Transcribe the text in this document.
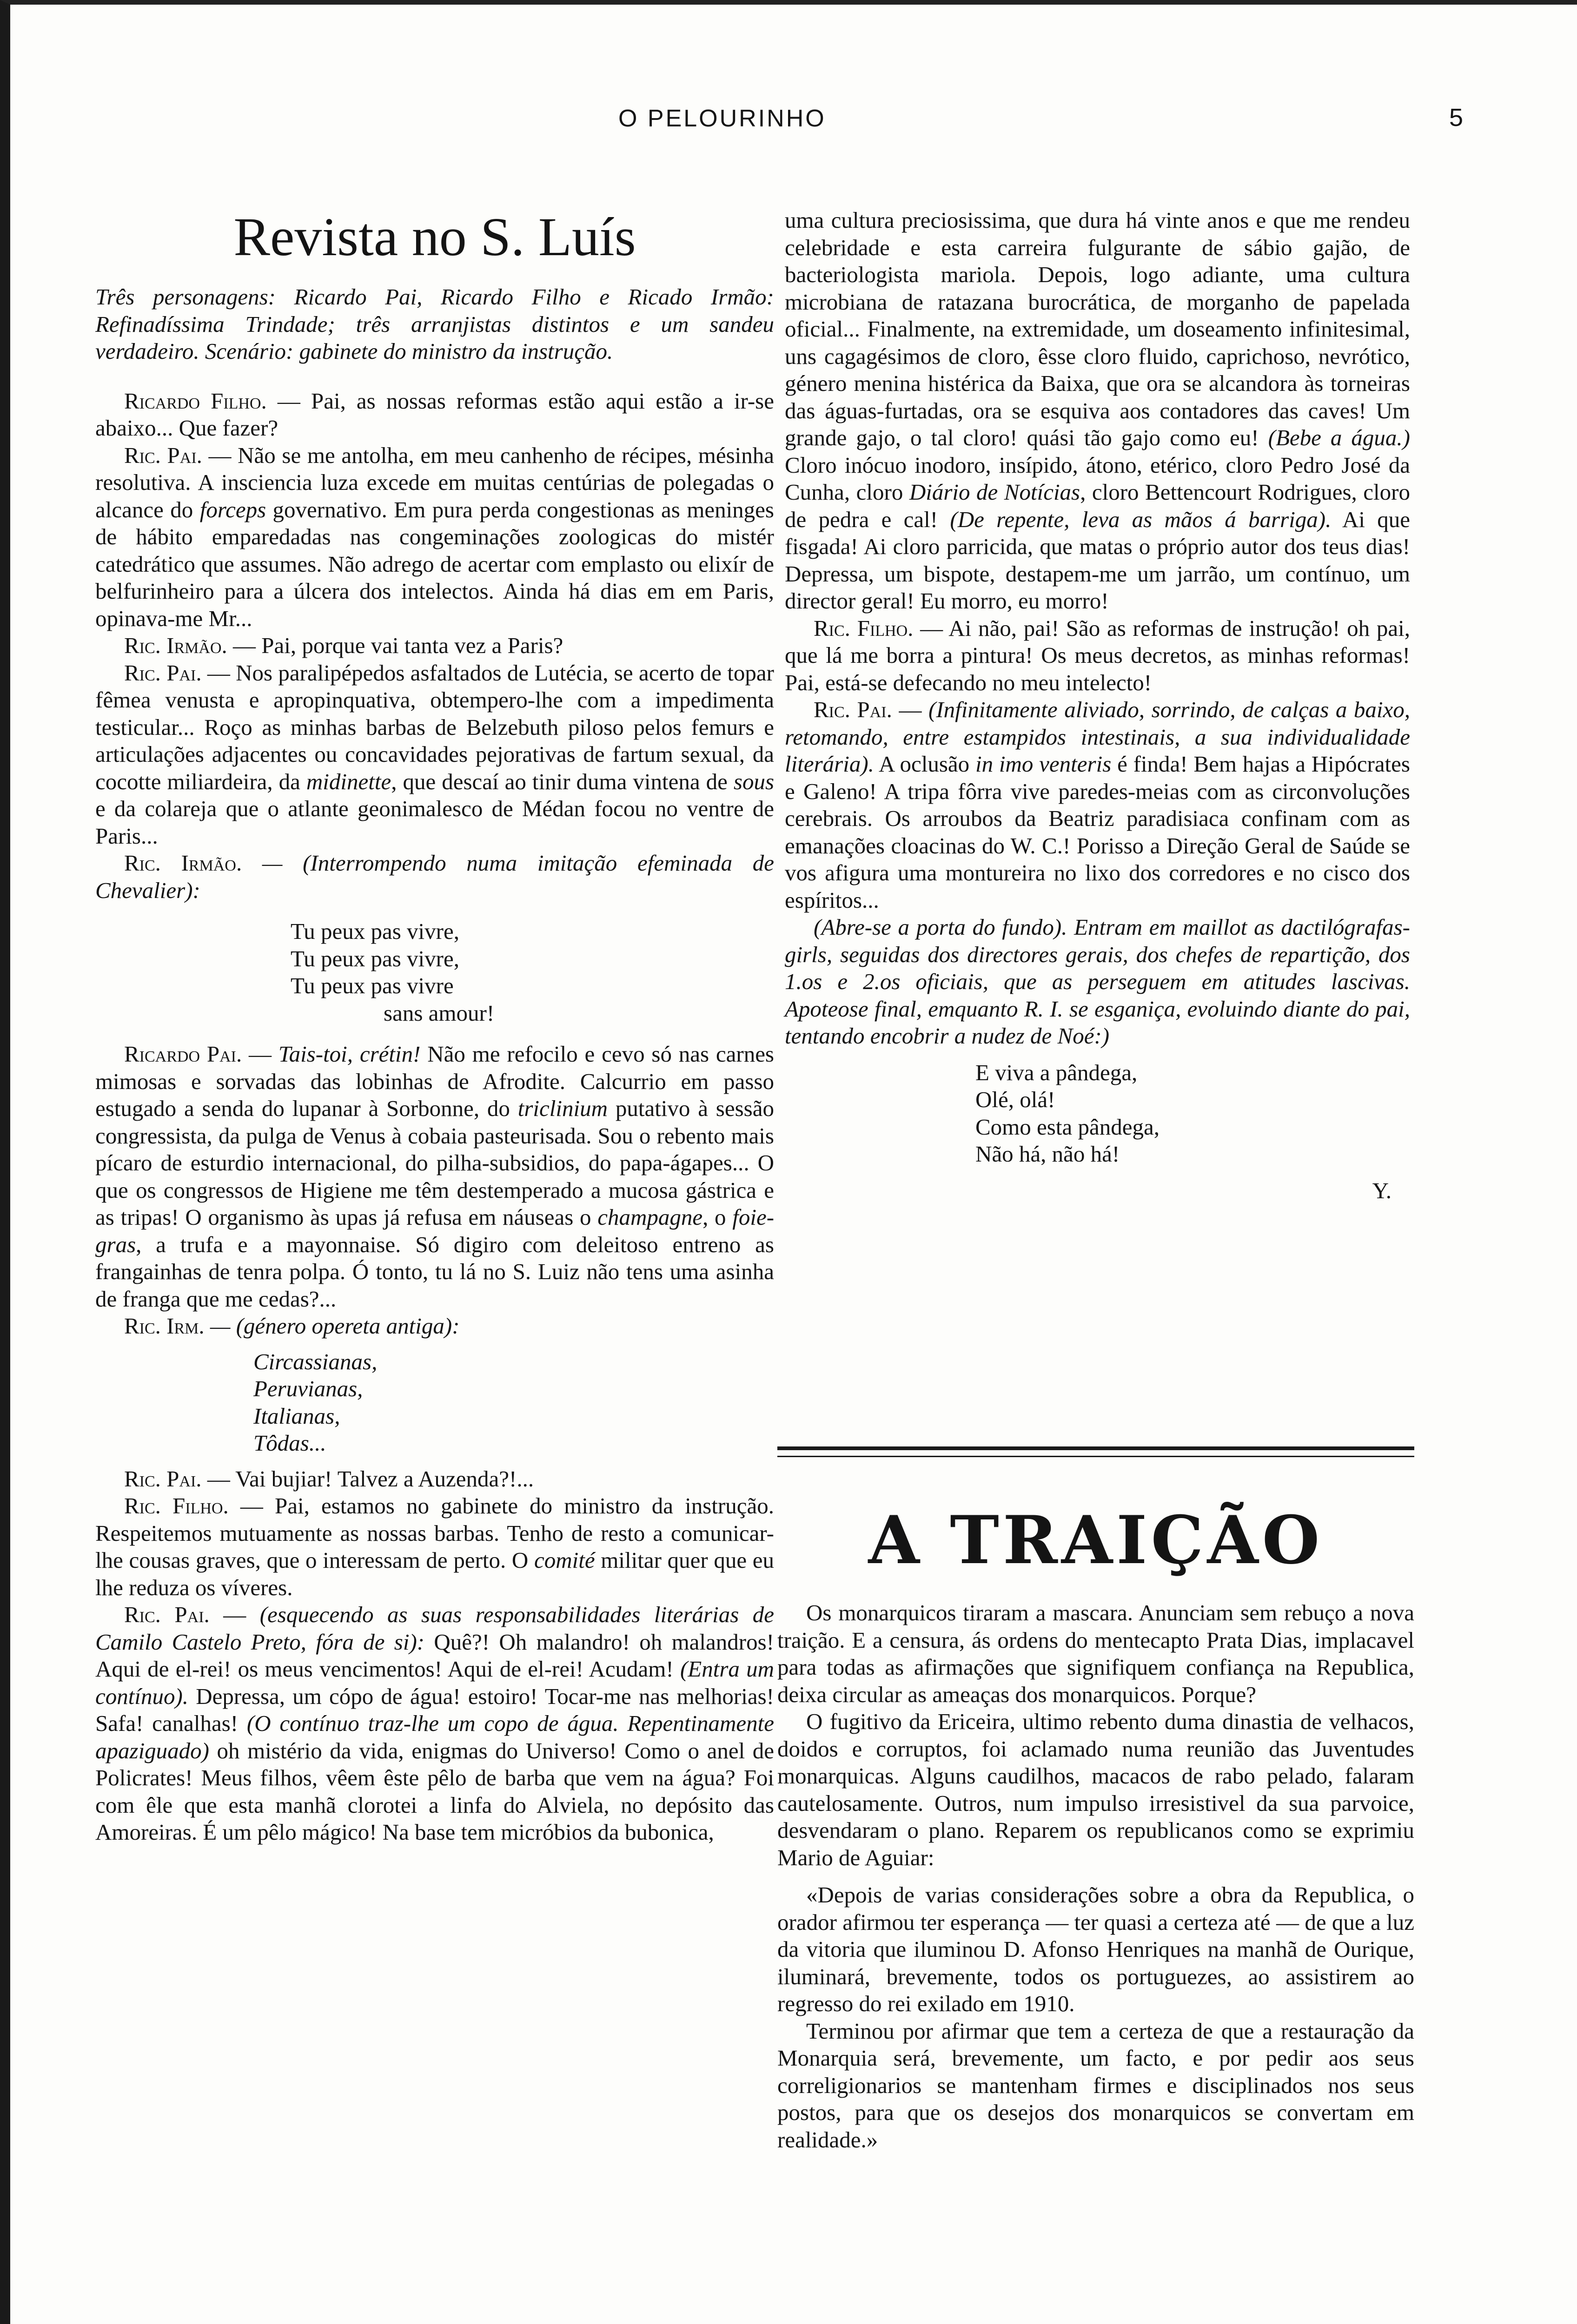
O PELOURINHO	5
Revista no S. Luís

Três personagens: Ricardo Pai, Ricardo Filho e Ricado Irmão: Refinadíssima Trindade; três arranjistas distintos e um sandeu verdadeiro. Scenário: gabinete do ministro da instrução.

Ricardo Filho. — Pai, as nossas reformas estão aqui estão a ir-se abaixo... Que fazer?

Ric. Pai. — Não se me antolha, em meu canhenho de récipes, mésinha resolutiva. A insciencia luza excede em muitas centúrias de polegadas o alcance do forceps governativo. Em pura perda congestionas as meninges de hábito emparedadas nas congeminações zoologicas do mistér catedrático que assumes. Não adrego de acertar com emplasto ou elixír de belfurinheiro para a úlcera dos intelectos. Ainda há dias em em Paris, opinava-me Mr...

Ric. Irmão. — Pai, porque vai tanta vez a Paris?

Ric. Pai. — Nos paralipépedos asfaltados de Lutécia, se acerto de topar fêmea venusta e apropinquativa, obtempero-lhe com a impedimenta testicular... Roço as minhas barbas de Belzebuth piloso pelos femurs e articulações adjacentes ou concavidades pejorativas de fartum sexual, da cocotte miliardeira, da midinette, que descaí ao tinir duma vintena de sous e da colareja que o atlante geonimalesco de Médan focou no ventre de Paris...

Ric. Irmão. — (Interrompendo numa imitação efeminada de Chevalier):

Tu peux pas vivre,
Tu peux pas vivre,
Tu peux pas vivre
sans amour!

Ricardo Pai. — Tais-toi, crétin! Não me refocilo e cevo só nas carnes mimosas e sorvadas das lobinhas de Afrodite. Calcurrio em passo estugado a senda do lupanar à Sorbonne, do triclinium putativo à sessão congressista, da pulga de Venus à cobaia pasteurisada. Sou o rebento mais pícaro de esturdio internacional, do pilha-subsidios, do papa-ágapes... O que os congressos de Higiene me têm destemperado a mucosa gástrica e as tripas! O organismo às upas já refusa em náuseas o champagne, o foie-gras, a trufa e a mayonnaise. Só digiro com deleitoso entreno as frangainhas de tenra polpa. Ó tonto, tu lá no S. Luiz não tens uma asinha de franga que me cedas?...

Ric. Irm. — (género opereta antiga):

Circassianas,
Peruvianas,
Italianas,
Tôdas...

Ric. Pai. — Vai bujiar! Talvez a Auzenda?!...

Ric. Filho. — Pai, estamos no gabinete do ministro da instrução. Respeitemos mutuamente as nossas barbas. Tenho de resto a comunicar-lhe cousas graves, que o interessam de perto. O comité militar quer que eu lhe reduza os víveres.

Ric. Pai. — (esquecendo as suas responsabilidades literárias de Camilo Castelo Preto, fóra de si): Quê?! Oh malandro! oh malandros! Aqui de el-rei! os meus vencimentos! Aqui de el-rei! Acudam! (Entra um contínuo). Depressa, um cópo de água! estoiro! Tocar-me nas melhorias! Safa! canalhas! (O contínuo traz-lhe um copo de água. Repentinamente apaziguado) oh mistério da vida, enigmas do Universo! Como o anel de Policrates! Meus filhos, vêem êste pêlo de barba que vem na água? Foi com êle que esta manhã clorotei a linfa do Alviela, no depósito das Amoreiras. É um pêlo mágico! Na base tem micróbios da bubonica,

uma cultura preciosissima, que dura há vinte anos e que me rendeu celebridade e esta carreira fulgurante de sábio gajão, de bacteriologista mariola. Depois, logo adiante, uma cultura microbiana de ratazana burocrática, de morganho de papelada oficial... Finalmente, na extremidade, um doseamento infinitesimal, uns cagagésimos de cloro, êsse cloro fluido, caprichoso, nevrótico, género menina histérica da Baixa, que ora se alcandora às torneiras das águas-furtadas, ora se esquiva aos contadores das caves! Um grande gajo, o tal cloro! quási tão gajo como eu! (Bebe a água.) Cloro inócuo inodoro, insípido, átono, etérico, cloro Pedro José da Cunha, cloro Diário de Notícias, cloro Bettencourt Rodrigues, cloro de pedra e cal! (De repente, leva as mãos á barriga). Ai que fisgada! Ai cloro parricida, que matas o próprio autor dos teus dias! Depressa, um bispote, destapem-me um jarrão, um contínuo, um director geral! Eu morro, eu morro!

Ric. Filho. — Ai não, pai! São as reformas de instrução! oh pai, que lá me borra a pintura! Os meus decretos, as minhas reformas! Pai, está-se defecando no meu intelecto!

Ric. Pai. — (Infinitamente aliviado, sorrindo, de calças a baixo, retomando, entre estampidos intestinais, a sua individualidade literária). A oclusão in imo venteris é finda! Bem hajas a Hipócrates e Galeno! A tripa fôrra vive paredes-meias com as circonvoluções cerebrais. Os arroubos da Beatriz paradisiaca confinam com as emanações cloacinas do W. C.! Porisso a Direção Geral de Saúde se vos afigura uma montureira no lixo dos corredores e no cisco dos espíritos...

(Abre-se a porta do fundo). Entram em maillot as dactilógrafas-girls, seguidas dos directores gerais, dos chefes de repartição, dos 1.os e 2.os oficiais, que as perseguem em atitudes lascivas. Apoteose final, emquanto R. I. se esganiça, evoluindo diante do pai, tentando encobrir a nudez de Noé:)

E viva a pândega,
Olé, olá!
Como esta pândega,
Não há, não há!
Y.
A TRAIÇÃO

Os monarquicos tiraram a mascara. Anunciam sem rebuço a nova traição. E a censura, ás ordens do mentecapto Prata Dias, implacavel para todas as afirmações que signifiquem confiança na Republica, deixa circular as ameaças dos monarquicos. Porque?

O fugitivo da Ericeira, ultimo rebento duma dinastia de velhacos, doidos e corruptos, foi aclamado numa reunião das Juventudes monarquicas. Alguns caudilhos, macacos de rabo pelado, falaram cautelosamente. Outros, num impulso irresistivel da sua parvoice, desvendaram o plano. Reparem os republicanos como se exprimiu Mario de Aguiar:

«Depois de varias considerações sobre a obra da Republica, o orador afirmou ter esperança — ter quasi a certeza até — de que a luz da vitoria que iluminou D. Afonso Henriques na manhã de Ourique, iluminará, brevemente, todos os portuguezes, ao assistirem ao regresso do rei exilado em 1910.

Terminou por afirmar que tem a certeza de que a restauração da Monarquia será, brevemente, um facto, e por pedir aos seus correligionarios se mantenham firmes e disciplinados nos seus postos, para que os desejos dos monarquicos se convertam em realidade.»
